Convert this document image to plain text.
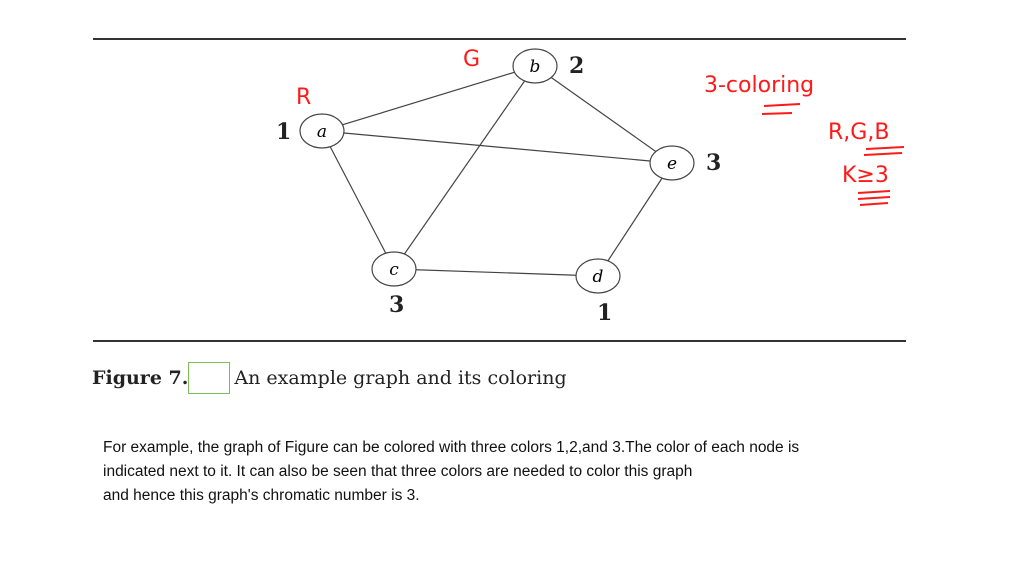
a
b
c	d
e
1
2
3	1
3
R
G
3-coloring
R,G,B
K≥3
Figure 7. An example graph and its coloring
For example, the graph of Figure can be colored with three colors 1,2,and 3.The color of each node is
indicated next to it. It can also be seen that three colors are needed to color this graph
and hence this graph's chromatic number is 3.
